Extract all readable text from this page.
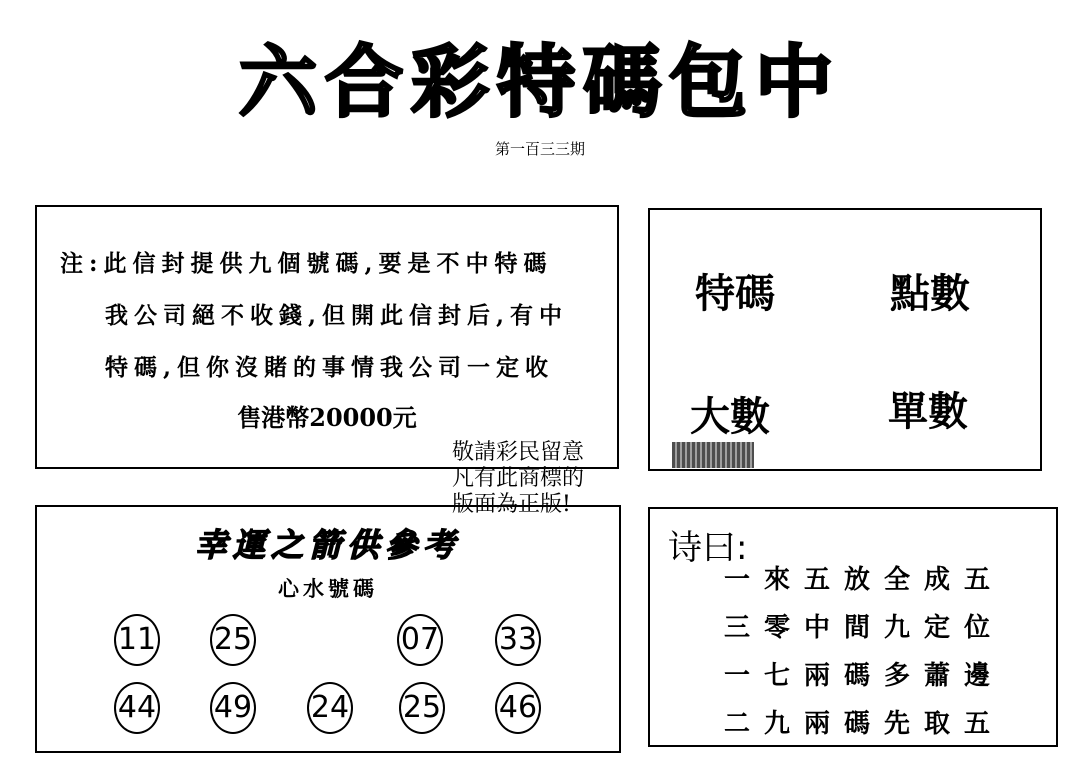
六合彩特碼包中
第一百三三期
注:此信封提供九個號碼,要是不中特碼
我公司絕不收錢,但開此信封后,有中
特碼,但你沒賭的事情我公司一定收
售港幣20000元
特碼	點數
大數	單數
敬請彩民留意
凡有此商標的
版面為正版!
幸運之箭供參考
心水號碼
11 25	07 33
44 49 24 25 46
诗曰:
一來五放全成五
三零中間九定位
一七兩碼多蕭邊
二九兩碼先取五
